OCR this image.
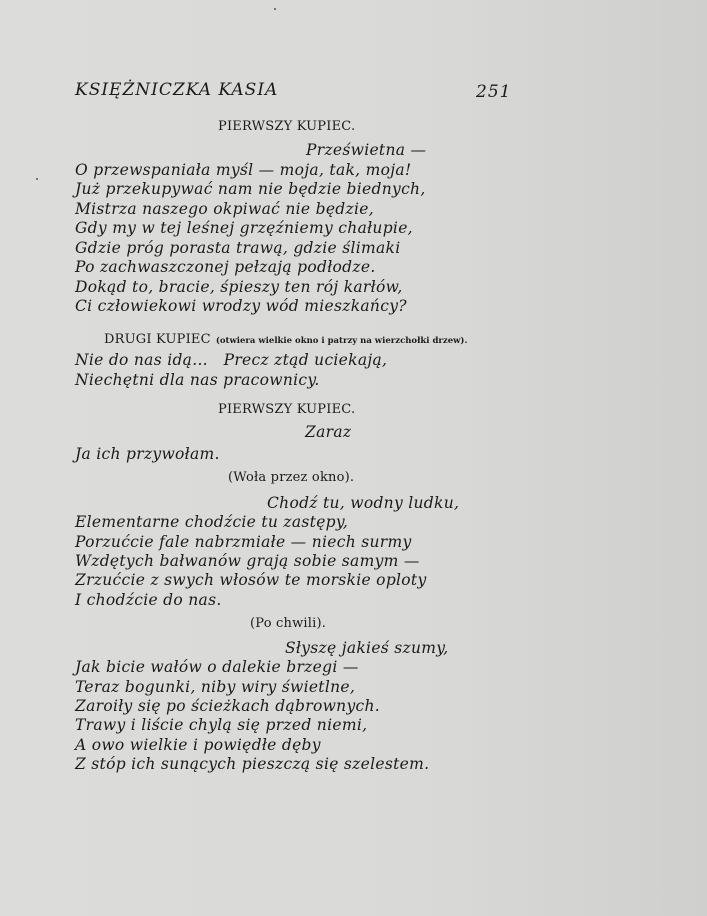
KSIĘŻNICZKA KASIA	251
PIERWSZY KUPIEC.
Prześwietna —
O przewspaniała myśl — moja, tak, moja!
Już przekupywać nam nie będzie biednych,
Mistrza naszego okpiwać nie będzie,
Gdy my w tej leśnej grzęźniemy chałupie,
Gdzie próg porasta trawą, gdzie ślimaki
Po zachwaszczonej pełzają podłodze.
Dokąd to, bracie, śpieszy ten rój karłów,
Ci człowiekowi wrodzy wód mieszkańcy?
DRUGI KUPIEC (otwiera wielkie okno i patrzy na wierzchołki drzew).
Nie do nas idą...   Precz ztąd uciekają,
Niechętni dla nas pracownicy.
PIERWSZY KUPIEC.
Zaraz
Ja ich przywołam.
(Woła przez okno).
Chodź tu, wodny ludku,
Elementarne chodźcie tu zastępy,
Porzućcie fale nabrzmiałe — niech surmy
Wzdętych bałwanów grają sobie samym —
Zrzućcie z swych włosów te morskie oploty
I chodźcie do nas.
(Po chwili).
Słyszę jakieś szumy,
Jak bicie wałów o dalekie brzegi —
Teraz bogunki, niby wiry świetlne,
Zaroiły się po ścieżkach dąbrownych.
Trawy i liście chylą się przed niemi,
A owo wielkie i powiędłe dęby
Z stóp ich sunących pieszczą się szelestem.
